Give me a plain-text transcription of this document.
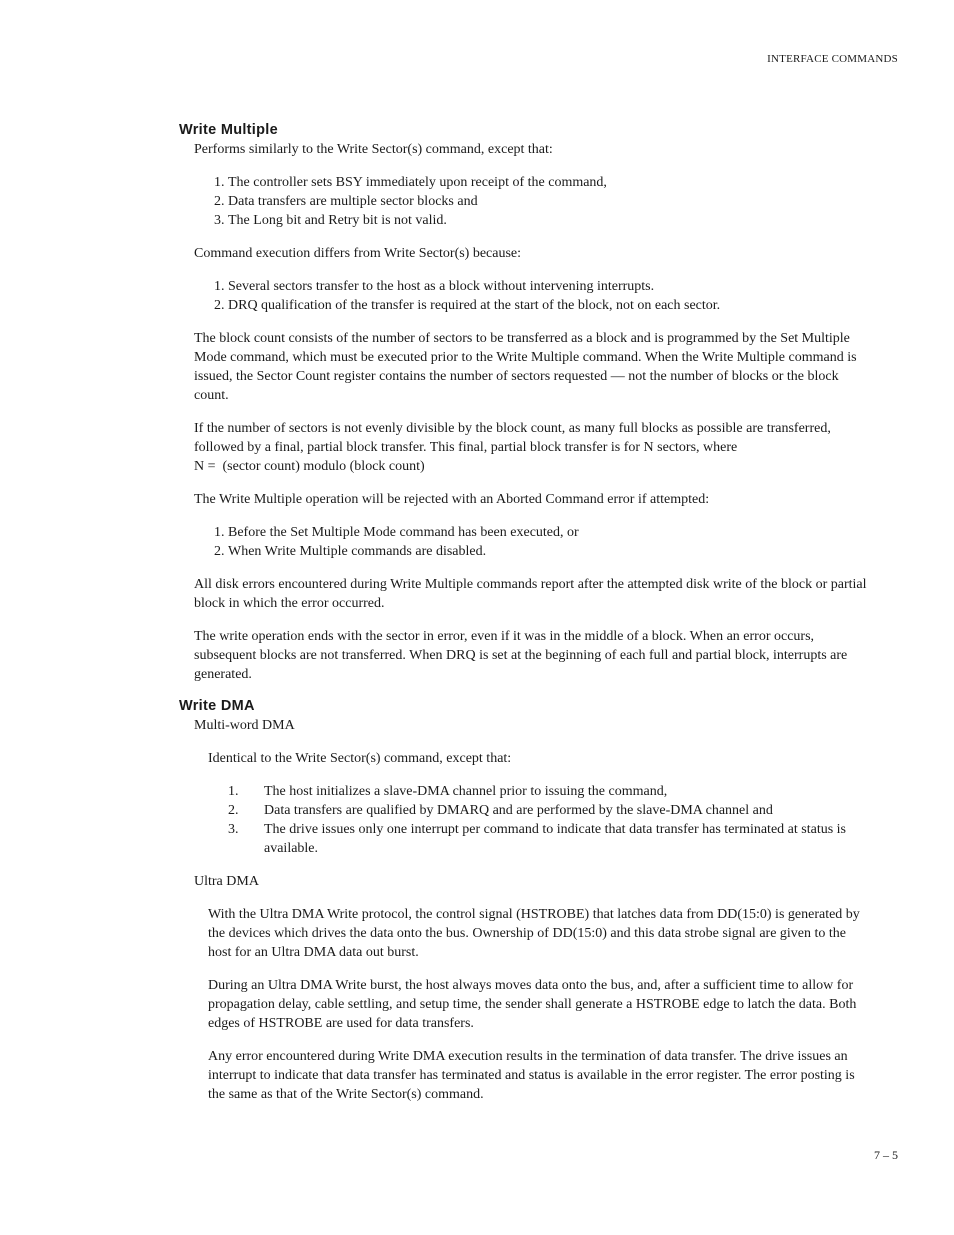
INTERFACE COMMANDS
Write Multiple

Performs similarly to the Write Sector(s) command, except that:

1. The controller sets BSY immediately upon receipt of the command,
2. Data transfers are multiple sector blocks and
3. The Long bit and Retry bit is not valid.

Command execution differs from Write Sector(s) because:

1. Several sectors transfer to the host as a block without intervening interrupts.
2. DRQ qualification of the transfer is required at the start of the block, not on each sector.

The block count consists of the number of sectors to be transferred as a block and is programmed by the Set Multiple Mode command, which must be executed prior to the Write Multiple command. When the Write Multiple command is issued, the Sector Count register contains the number of sectors requested — not the number of blocks or the block count.

If the number of sectors is not evenly divisible by the block count, as many full blocks as possible are transferred, followed by a final, partial block transfer. This final, partial block transfer is for N sectors, where
N =  (sector count) modulo (block count)

The Write Multiple operation will be rejected with an Aborted Command error if attempted:

1. Before the Set Multiple Mode command has been executed, or
2. When Write Multiple commands are disabled.

All disk errors encountered during Write Multiple commands report after the attempted disk write of the block or partial block in which the error occurred.

The write operation ends with the sector in error, even if it was in the middle of a block. When an error occurs, subsequent blocks are not transferred. When DRQ is set at the beginning of each full and partial block, interrupts are generated.

Write DMA

Multi-word DMA

Identical to the Write Sector(s) command, except that:

1.	The host initializes a slave-DMA channel prior to issuing the command,
2.	Data transfers are qualified by DMARQ and are performed by the slave-DMA channel and
3.	The drive issues only one interrupt per command to indicate that data transfer has terminated at status is available.

Ultra DMA

With the Ultra DMA Write protocol, the control signal (HSTROBE) that latches data from DD(15:0) is generated by the devices which drives the data onto the bus. Ownership of DD(15:0) and this data strobe signal are given to the host for an Ultra DMA data out burst.

During an Ultra DMA Write burst, the host always moves data onto the bus, and, after a sufficient time to allow for propagation delay, cable settling, and setup time, the sender shall generate a HSTROBE edge to latch the data. Both edges of HSTROBE are used for data transfers.

Any error encountered during Write DMA execution results in the termination of data transfer. The drive issues an interrupt to indicate that data transfer has terminated and status is available in the error register. The error posting is the same as that of the Write Sector(s) command.

7 – 5
